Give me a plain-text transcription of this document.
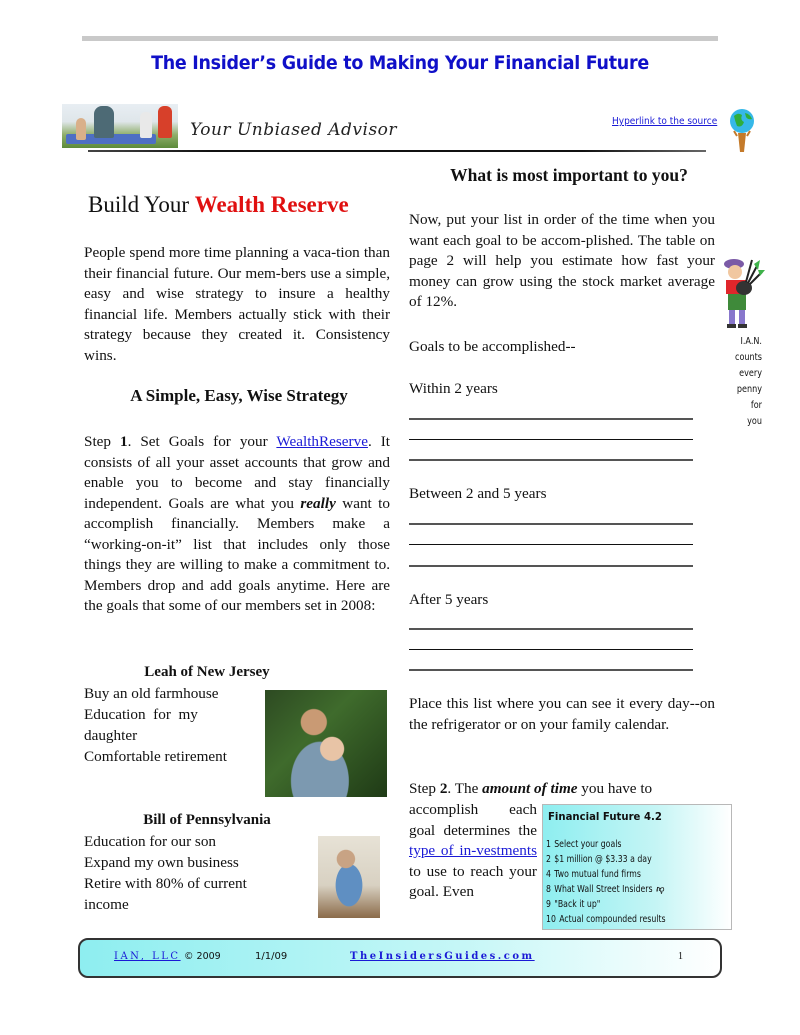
The Insider’s Guide to Making Your Financial Future
Your Unbiased Advisor	Hyperlink to the source
Build Your Wealth Reserve
People spend more time planning a vaca-tion than their financial future. Our mem-bers use a simple, easy and wise strategy to insure a healthy financial life. Members actually stick with their strategy because they created it. Consistency wins.
A Simple, Easy, Wise Strategy
Step 1. Set Goals for your WealthReserve. It consists of all your asset accounts that grow and enable you to become and stay financially independent. Goals are what you really want to accomplish financially. Members make a “working-on-it” list that includes only those things they are willing to make a commitment to. Members drop and add goals anytime. Here are the goals that some of our members set in 2008:
Leah of New Jersey
Buy an old farmhouse
Education  for  my
daughter
Comfortable retirement
Bill of Pennsylvania
Education for our son
Expand my own business
Retire with 80% of current
income
What is most important to you?
Now, put your list in order of the time when you want each goal to be accom-plished. The table on page 2 will help you estimate how fast your money can grow using the stock market average of 12%.
I.A.N.
counts
every
penny
for
you
Goals to be accomplished--
Within 2 years
Between 2 and 5 years
After 5 years
Place this list where you can see it every day--on the refrigerator or on your family calendar.
Step 2. The amount of time you have to
accomplish each goal determines the type of in-vestments to use to reach your goal. Even
Financial Future 4.2
1 Select your goals
2 $1 million @ $3.33 a day
4 Two mutual fund firms
8 What Wall Street Insiders 👎︎
9 "Back it up"
10 Actual compounded results
IAN, LLC © 2009	1/1/09	TheInsidersGuides.com	1
